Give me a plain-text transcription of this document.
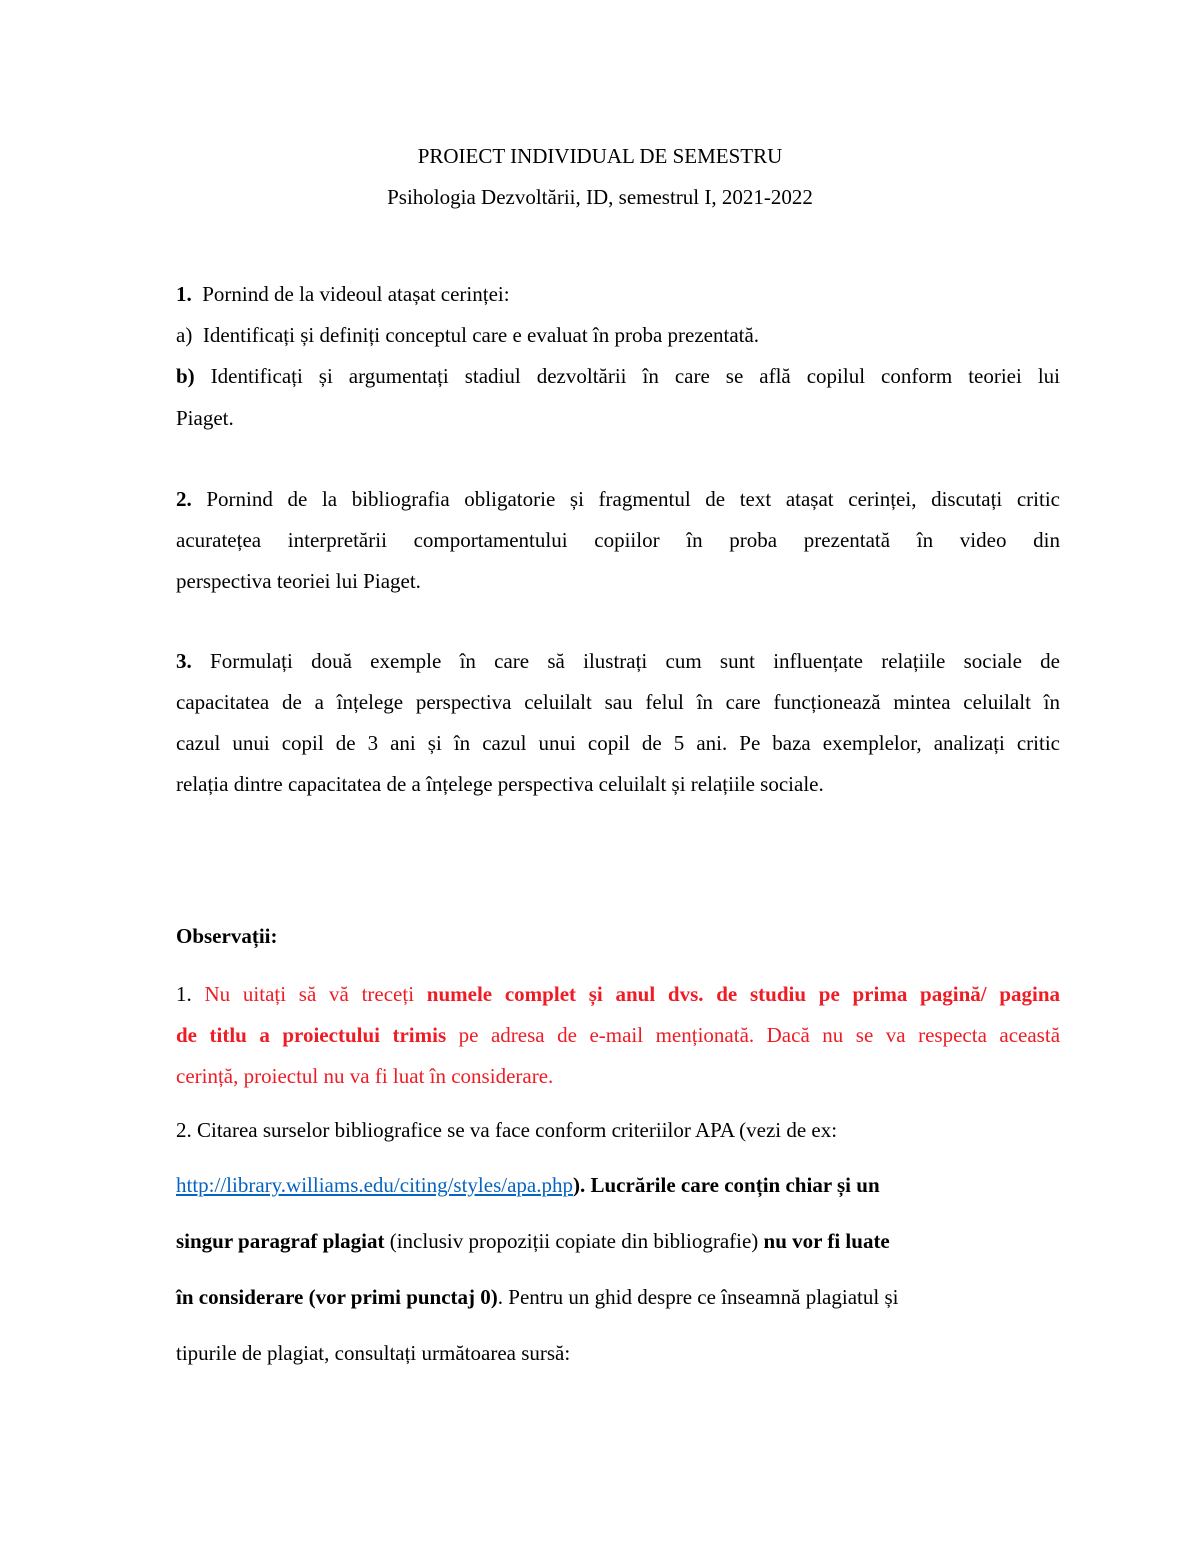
PROIECT INDIVIDUAL DE SEMESTRU
Psihologia Dezvoltării, ID, semestrul I, 2021-2022
1. Pornind de la videoul atașat cerinței:
a) Identificați și definiți conceptul care e evaluat în proba prezentată.
b) Identificați și argumentați stadiul dezvoltării în care se află copilul conform teoriei lui
Piaget.
2. Pornind de la bibliografia obligatorie și fragmentul de text atașat cerinței, discutați critic
acuratețea interpretării comportamentului copiilor în proba prezentată în video din
perspectiva teoriei lui Piaget.
3. Formulați două exemple în care să ilustrați cum sunt influențate relațiile sociale de
capacitatea de a înțelege perspectiva celuilalt sau felul în care funcționează mintea celuilalt în
cazul unui copil de 3 ani și în cazul unui copil de 5 ani. Pe baza exemplelor, analizați critic
relația dintre capacitatea de a înțelege perspectiva celuilalt și relațiile sociale.
Observații:
1. Nu uitați să vă treceți numele complet și anul dvs. de studiu pe prima pagină/ pagina
de titlu a proiectului trimis pe adresa de e-mail menționată. Dacă nu se va respecta această
cerință, proiectul nu va fi luat în considerare.
2. Citarea surselor bibliografice se va face conform criteriilor APA (vezi de ex:
http://library.williams.edu/citing/styles/apa.php). Lucrările care conțin chiar și un
singur paragraf plagiat (inclusiv propoziții copiate din bibliografie) nu vor fi luate
în considerare (vor primi punctaj 0). Pentru un ghid despre ce înseamnă plagiatul și
tipurile de plagiat, consultați următoarea sursă:
